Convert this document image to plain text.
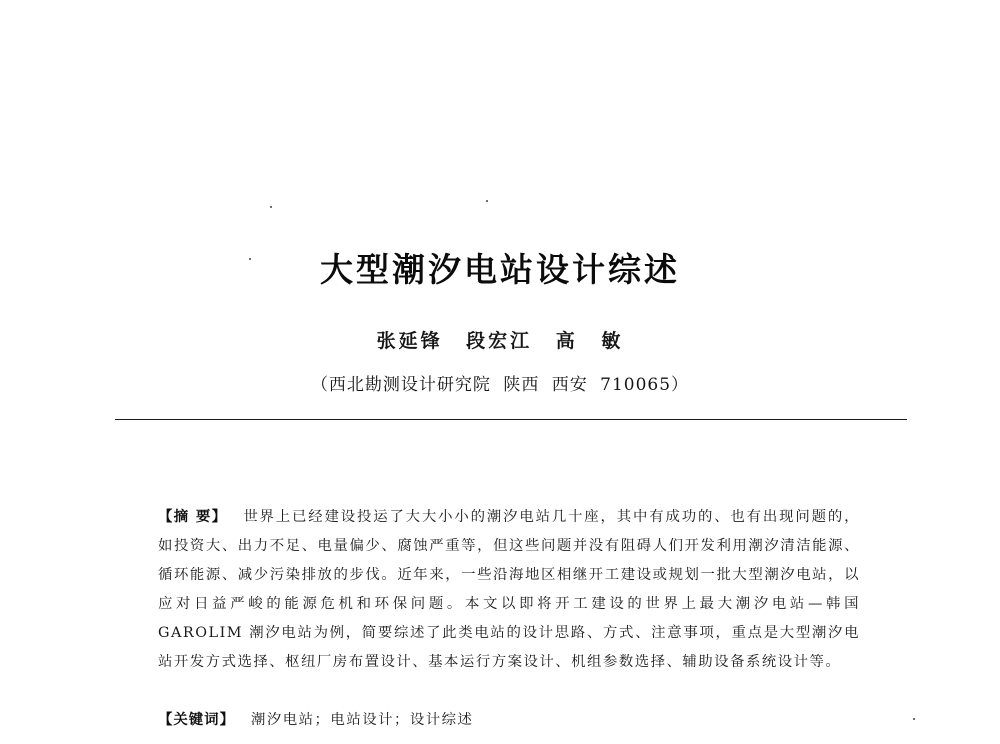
大型潮汐电站设计综述
张延锋 段宏江 高 敏
（西北勘测设计研究院 陕西 西安 710065）
【摘 要】 世界上已经建设投运了大大小小的潮汐电站几十座，其中有成功的、也有出现问题的，如投资大、出力不足、电量偏少、腐蚀严重等，但这些问题并没有阻碍人们开发利用潮汐清洁能源、循环能源、减少污染排放的步伐。近年来，一些沿海地区相继开工建设或规划一批大型潮汐电站，以应对日益严峻的能源危机和环保问题。本文以即将开工建设的世界上最大潮汐电站—韩国 GAROLIM 潮汐电站为例，简要综述了此类电站的设计思路、方式、注意事项，重点是大型潮汐电站开发方式选择、枢纽厂房布置设计、基本运行方案设计、机组参数选择、辅助设备系统设计等。
【关键词】 潮汐电站；电站设计；设计综述
